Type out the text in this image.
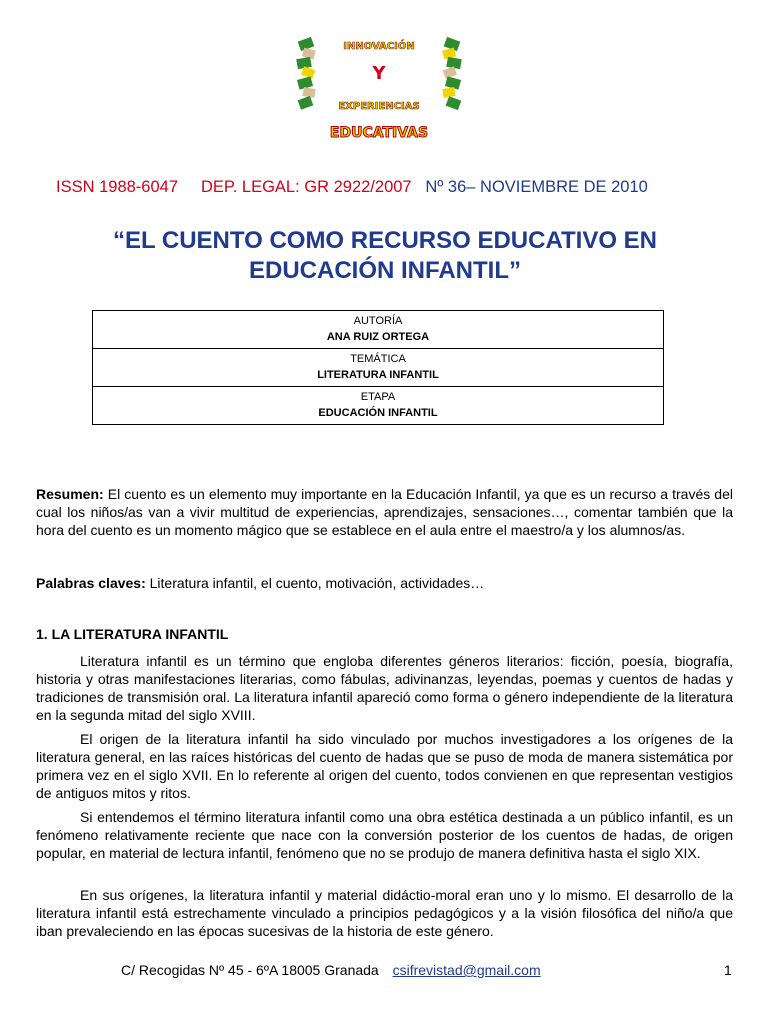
INNOVACIÓN
Y
EXPERIENCIAS
EDUCATIVAS
ISSN 1988-6047 DEP. LEGAL: GR 2922/2007 Nº 36– NOVIEMBRE DE 2010
“EL CUENTO COMO RECURSO EDUCATIVO EN
EDUCACIÓN INFANTIL”
AUTORÍA
ANA RUIZ ORTEGA

TEMÁTICA
LITERATURA INFANTIL

ETAPA
EDUCACIÓN INFANTIL

Resumen: El cuento es un elemento muy importante en la Educación Infantil, ya que es un recurso a través del cual los niños/as van a vivir multitud de experiencias, aprendizajes, sensaciones…, comentar también que la hora del cuento es un momento mágico que se establece en el aula entre el maestro/a y los alumnos/as.

Palabras claves: Literatura infantil, el cuento, motivación, actividades…

1. LA LITERATURA INFANTIL

Literatura infantil es un término que engloba diferentes géneros literarios: ficción, poesía, biografía, historia y otras manifestaciones literarias, como fábulas, adivinanzas, leyendas, poemas y cuentos de hadas y tradiciones de transmisión oral. La literatura infantil apareció como forma o género independiente de la literatura en la segunda mitad del siglo XVIII.

El origen de la literatura infantil ha sido vinculado por muchos investigadores a los orígenes de la literatura general, en las raíces históricas del cuento de hadas que se puso de moda de manera sistemática por primera vez en el siglo XVII. En lo referente al origen del cuento, todos convienen en que representan vestigios de antiguos mitos y ritos.

Si entendemos el término literatura infantil como una obra estética destinada a un público infantil, es un fenómeno relativamente reciente que nace con la conversión posterior de los cuentos de hadas, de origen popular, en material de lectura infantil, fenómeno que no se produjo de manera definitiva hasta el siglo XIX.

En sus orígenes, la literatura infantil y material didáctio-moral eran uno y lo mismo. El desarrollo de la literatura infantil está estrechamente vinculado a principios pedagógicos y a la visión filosófica del niño/a que iban prevaleciendo en las épocas sucesivas de la historia de este género.

C/ Recogidas Nº 45 - 6ºA 18005 Granada csifrevistad@gmail.com	1
